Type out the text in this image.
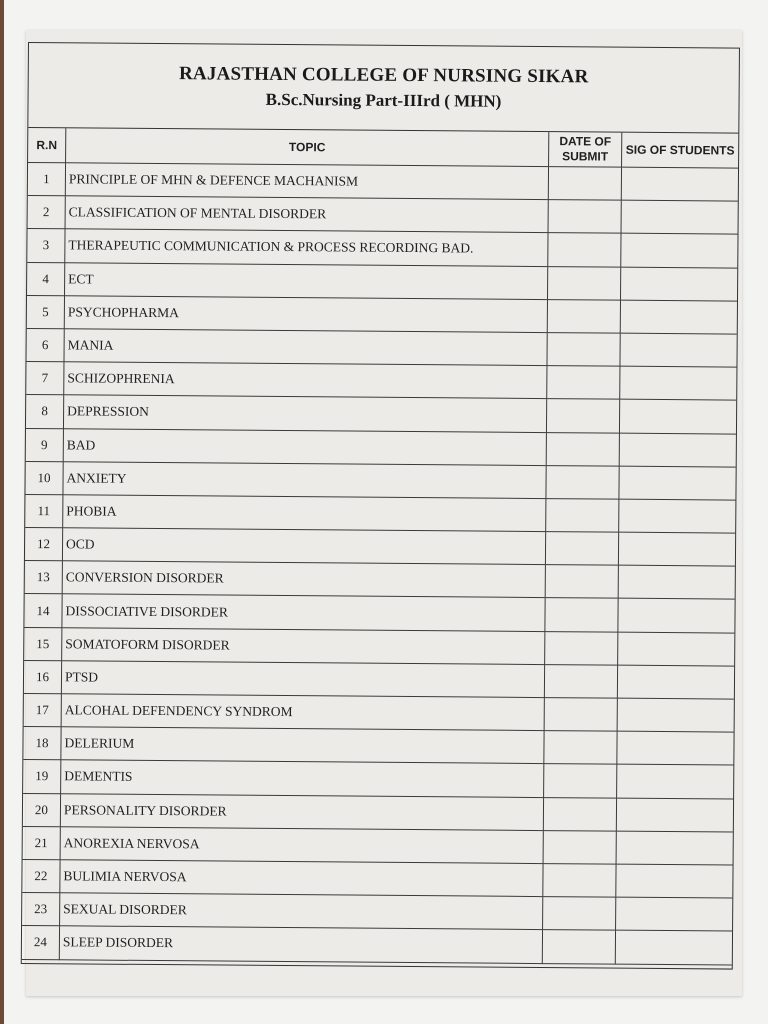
RAJASTHAN COLLEGE OF NURSING SIKAR
B.Sc.Nursing Part-IIIrd ( MHN)
R.N	TOPIC	DATE OF SUBMIT	SIG OF STUDENTS
1	PRINCIPLE OF MHN & DEFENCE MACHANISM		
2	CLASSIFICATION OF MENTAL DISORDER		
3	THERAPEUTIC COMMUNICATION & PROCESS RECORDING BAD.		
4	ECT		
5	PSYCHOPHARMA		
6	MANIA		
7	SCHIZOPHRENIA		
8	DEPRESSION		
9	BAD		
10	ANXIETY		
11	PHOBIA		
12	OCD		
13	CONVERSION DISORDER		
14	DISSOCIATIVE DISORDER		
15	SOMATOFORM DISORDER		
16	PTSD		
17	ALCOHAL DEFENDENCY SYNDROM		
18	DELERIUM		
19	DEMENTIS		
20	PERSONALITY DISORDER		
21	ANOREXIA NERVOSA		
22	BULIMIA NERVOSA		
23	SEXUAL DISORDER		
24	SLEEP DISORDER		
